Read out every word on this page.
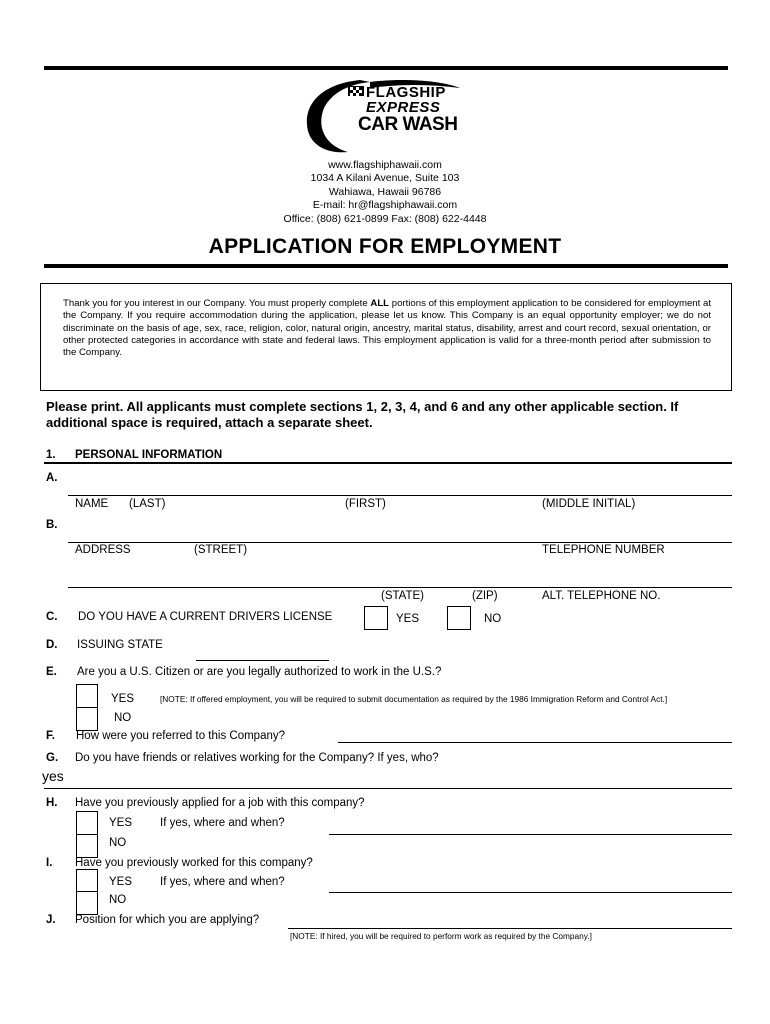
FLAGSHIP
EXPRESS
CAR WASH
www.flagshiphawaii.com
1034 A Kilani Avenue, Suite 103
Wahiawa, Hawaii 96786
E-mail: hr@flagshiphawaii.com
Office: (808) 621-0899 Fax: (808) 622-4448
APPLICATION FOR EMPLOYMENT
Thank you for you interest in our Company. You must properly complete ALL portions of this employment application to be considered for employment at the Company. If you require accommodation during the application, please let us know. This Company is an equal opportunity employer; we do not discriminate on the basis of age, sex, race, religion, color, natural origin, ancestry, marital status, disability, arrest and court record, sexual orientation, or other protected categories in accordance with state and federal laws. This employment application is valid for a three-month period after submission to the Company.
Please print. All applicants must complete sections 1, 2, 3, 4, and 6 and any other applicable section. If additional space is required, attach a separate sheet.
1. PERSONAL INFORMATION
A.
NAME (LAST)	(FIRST)	(MIDDLE INITIAL)
B.
ADDRESS	(STREET)	TELEPHONE NUMBER
(STATE)	(ZIP)	ALT. TELEPHONE NO.
C. DO YOU HAVE A CURRENT DRIVERS LICENSE	YES	NO
D. ISSUING STATE
E. Are you a U.S. Citizen or are you legally authorized to work in the U.S.?
YES
NO
[NOTE: If offered employment, you will be required to submit documentation as required by the 1986 Immigration Reform and Control Act.]
F. How were you referred to this Company?
G. Do you have friends or relatives working for the Company? If yes, who?
yes
H. Have you previously applied for a job with this company?
YES If yes, where and when?
NO
I. Have you previously worked for this company?
YES If yes, where and when?
NO
J. Position for which you are applying?
[NOTE: If hired, you will be required to perform work as required by the Company.]
